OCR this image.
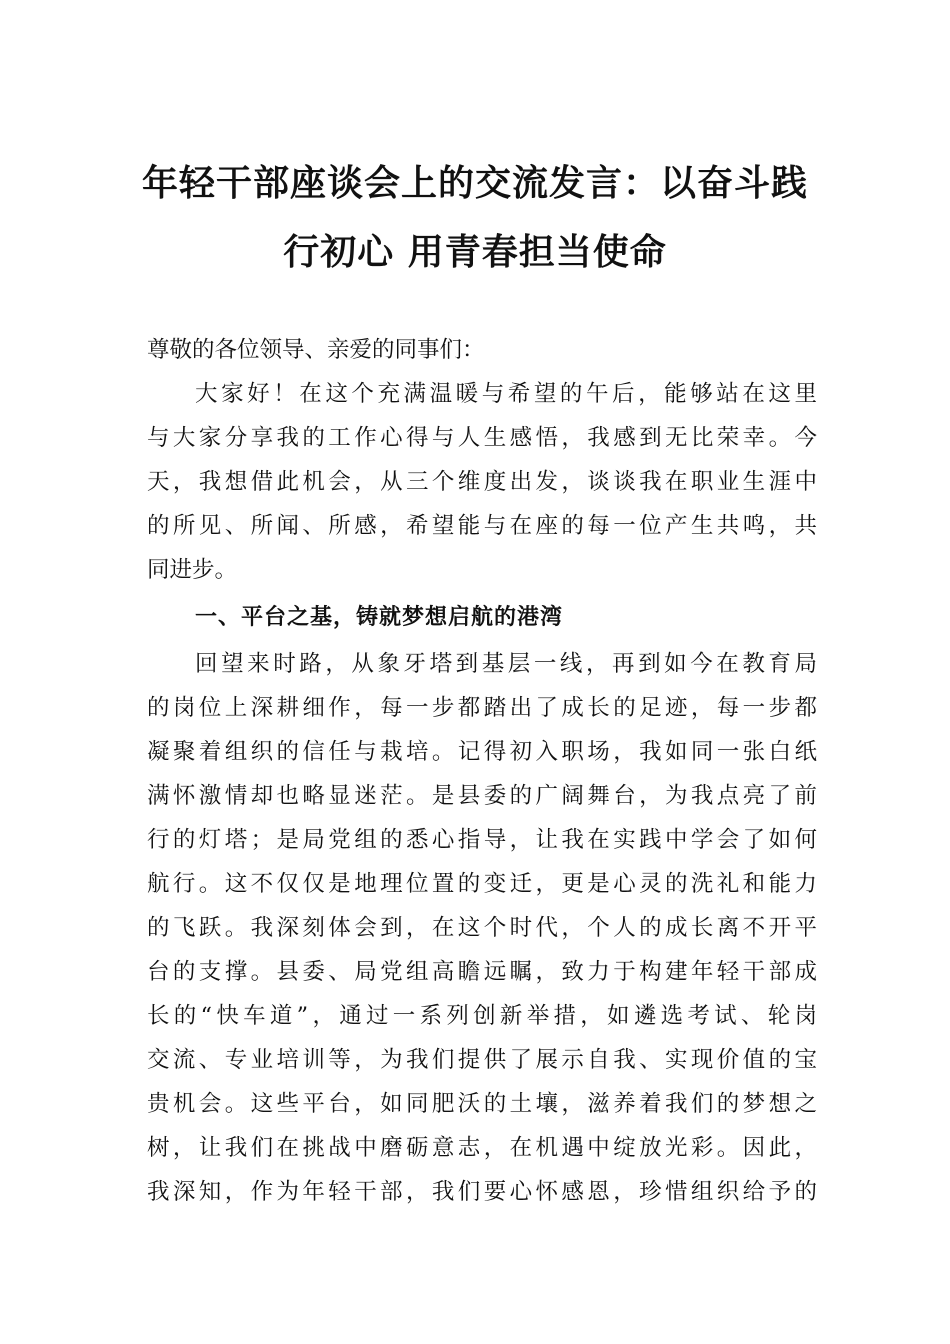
年轻干部座谈会上的交流发言：以奋斗践
行初心 用青春担当使命
尊敬的各位领导、亲爱的同事们：
大家好！在这个充满温暖与希望的午后，能够站在这里
与大家分享我的工作心得与人生感悟，我感到无比荣幸。今
天，我想借此机会，从三个维度出发，谈谈我在职业生涯中
的所见、所闻、所感，希望能与在座的每一位产生共鸣，共
同进步。
一、平台之基，铸就梦想启航的港湾
回望来时路，从象牙塔到基层一线，再到如今在教育局
的岗位上深耕细作，每一步都踏出了成长的足迹，每一步都
凝聚着组织的信任与栽培。记得初入职场，我如同一张白纸
满怀激情却也略显迷茫。是县委的广阔舞台，为我点亮了前
行的灯塔；是局党组的悉心指导，让我在实践中学会了如何
航行。这不仅仅是地理位置的变迁，更是心灵的洗礼和能力
的飞跃。我深刻体会到，在这个时代，个人的成长离不开平
台的支撑。县委、局党组高瞻远瞩，致力于构建年轻干部成
长的“快车道”，通过一系列创新举措，如遴选考试、轮岗
交流、专业培训等，为我们提供了展示自我、实现价值的宝
贵机会。这些平台，如同肥沃的土壤，滋养着我们的梦想之
树，让我们在挑战中磨砺意志，在机遇中绽放光彩。因此，
我深知，作为年轻干部，我们要心怀感恩，珍惜组织给予的
